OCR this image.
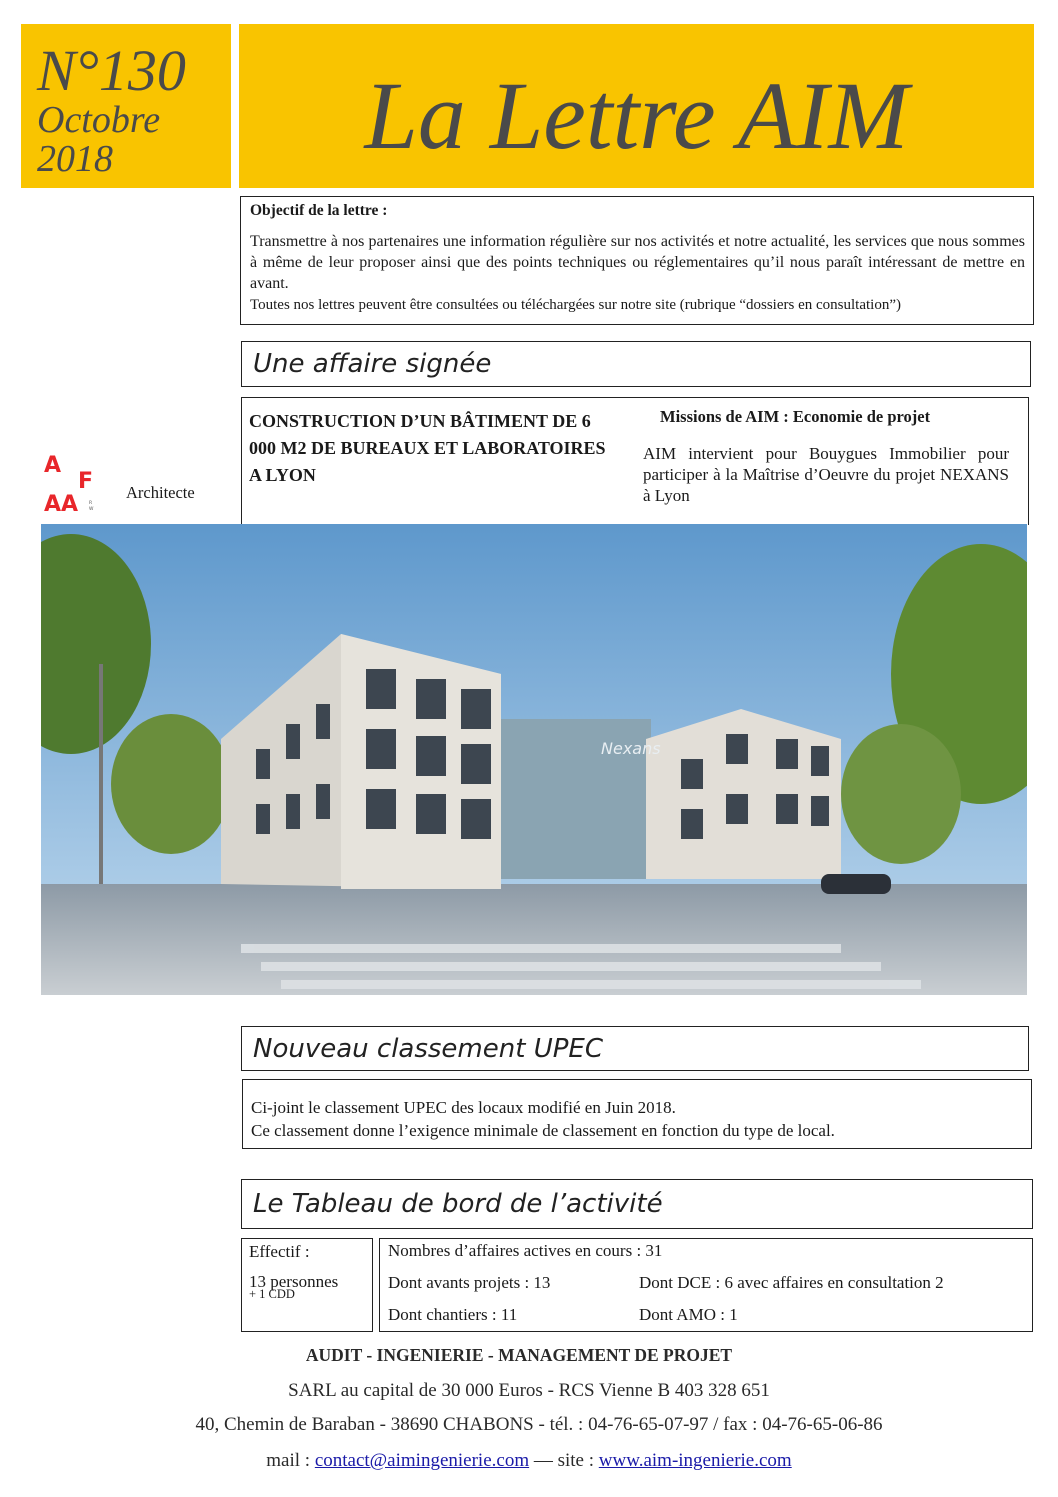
N°130
Octobre
2018	La Lettre AIM
Objectif de la lettre :
Transmettre à nos partenaires une information régulière sur nos activités et notre actualité, les services que nous sommes à même de leur proposer ainsi que des points techniques ou réglementaires qu’il nous paraît intéressant de mettre en avant.
Toutes nos lettres peuvent être consultées ou téléchargées sur notre site (rubrique “dossiers en consultation”)
Une affaire signée
CONSTRUCTION D’UN BÂTIMENT DE 6 000 M2 DE BUREAUX ET LABORATOIRES A LYON
Missions de AIM : Economie de projet
AIM intervient pour Bouygues Immobilier pour participer à la Maîtrise d’Oeuvre du projet NEXANS à Lyon
A
F
AA R
W
Architecte
Nexans
Nouveau classement UPEC
Ci-joint le classement UPEC des locaux modifié en Juin 2018.
Ce classement donne l’exigence minimale de classement en fonction du type de local.
Le Tableau de bord de l’activité
Effectif :
13 personnes
+ 1 CDD
Nombres d’affaires actives en cours : 31
Dont avants projets : 13	Dont DCE : 6 avec affaires en consultation 2
Dont chantiers : 11	Dont AMO : 1
AUDIT - INGENIERIE - MANAGEMENT DE PROJET
SARL au capital de 30 000 Euros - RCS Vienne B 403 328 651
40, Chemin de Baraban - 38690 CHABONS - tél. : 04-76-65-07-97 / fax : 04-76-65-06-86
mail : contact@aimingenierie.com — site : www.aim-ingenierie.com
